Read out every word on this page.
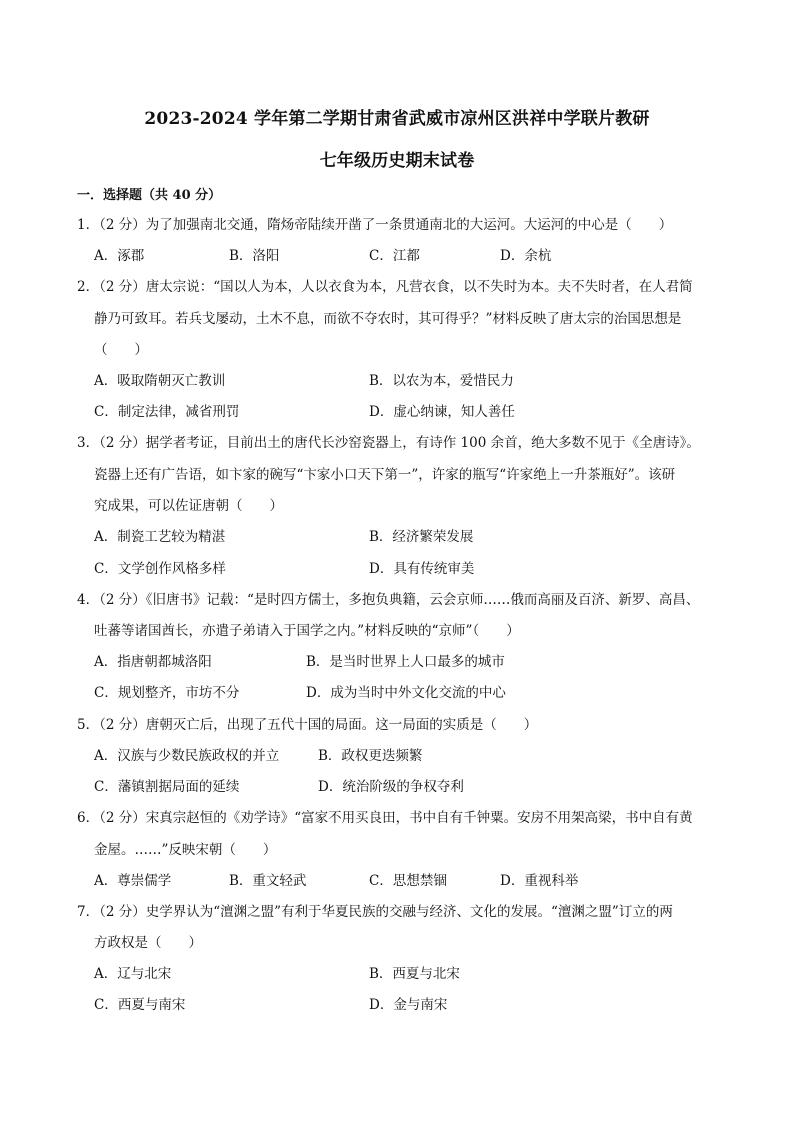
2023-2024 学年第二学期甘肃省武威市凉州区洪祥中学联片教研
七年级历史期末试卷
一．选择题（共 40 分）
1．（2 分）为了加强南北交通，隋炀帝陆续开凿了一条贯通南北的大运河。大运河的中心是（　　）
A．涿郡	B．洛阳	C．江都	D．余杭
2．（2 分）唐太宗说：“国以人为本，人以衣食为本，凡营衣食，以不失时为本。夫不失时者，在人君简
静乃可致耳。若兵戈屡动，土木不息，而欲不夺农时，其可得乎？”材料反映了唐太宗的治国思想是
（　　）
A．吸取隋朝灭亡教训	B．以农为本，爱惜民力
C．制定法律，减省刑罚	D．虚心纳谏，知人善任
3．（2 分）据学者考证，目前出土的唐代长沙窑瓷器上，有诗作 100 余首，绝大多数不见于《全唐诗》。
瓷器上还有广告语，如卞家的碗写“卞家小口天下第一”，许家的瓶写“许家绝上一升茶瓶好”。该研
究成果，可以佐证唐朝（　　）
A．制瓷工艺较为精湛	B．经济繁荣发展
C．文学创作风格多样	D．具有传统审美
4．（2 分）《旧唐书》记载：“是时四方儒士，多抱负典籍，云会京师……俄而高丽及百济、新罗、高昌、
吐蕃等诸国酋长，亦遣子弟请入于国学之内。”材料反映的“京师”（　　）
A．指唐朝都城洛阳	B．是当时世界上人口最多的城市
C．规划整齐，市坊不分	D．成为当时中外文化交流的中心
5．（2 分）唐朝灭亡后，出现了五代十国的局面。这一局面的实质是（　　）
A．汉族与少数民族政权的并立	B．政权更迭频繁
C．藩镇割据局面的延续	D．统治阶级的争权夺利
6．（2 分）宋真宗赵恒的《劝学诗》“富家不用买良田，书中自有千钟粟。安房不用架高梁，书中自有黄
金屋。……”反映宋朝（　　）
A．尊崇儒学	B．重文轻武	C．思想禁锢	D．重视科举
7．（2 分）史学界认为“澶渊之盟”有利于华夏民族的交融与经济、文化的发展。“澶渊之盟”订立的两
方政权是（　　）
A．辽与北宋	B．西夏与北宋
C．西夏与南宋	D．金与南宋
